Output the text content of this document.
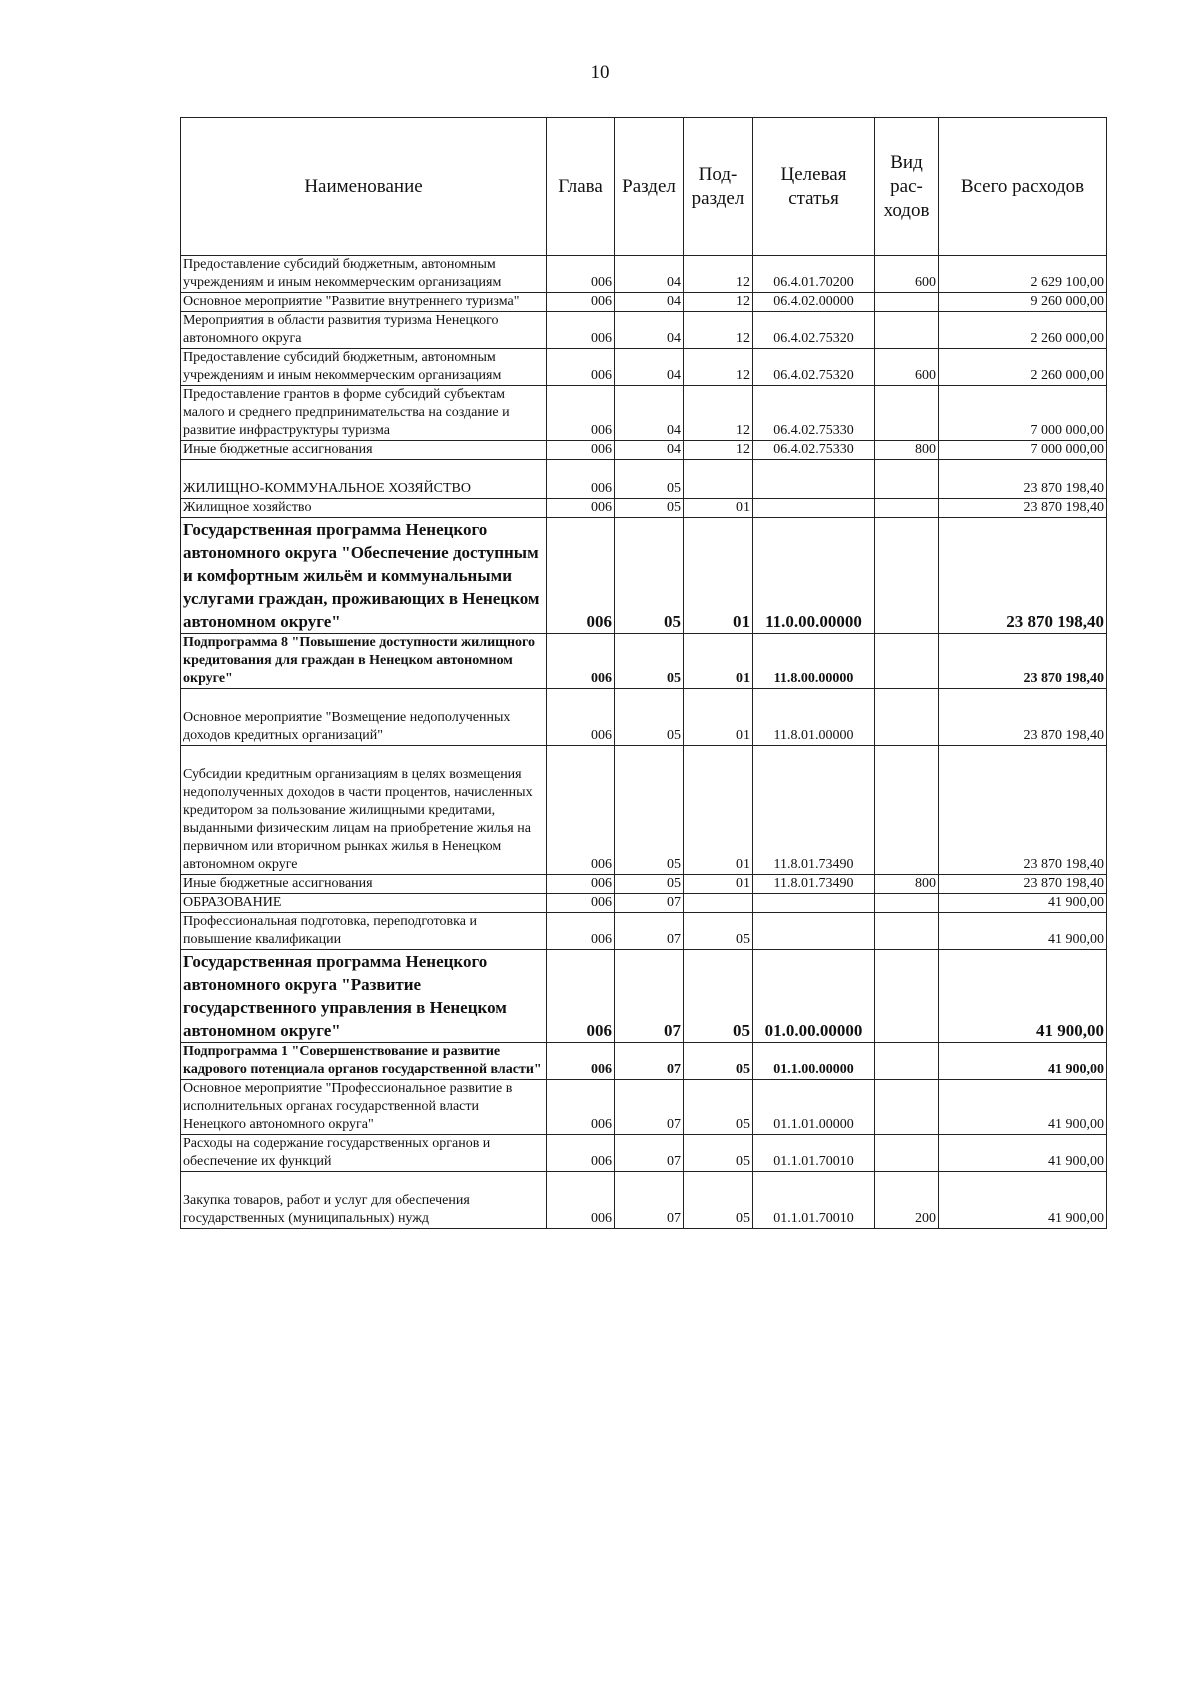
10
Наименование	Глава	Раздел	Под-раздел	Целевая статья	Вид рас-ходов	Всего расходов
Предоставление субсидий бюджетным, автономным учреждениям и иным некоммерческим организациям	006	04	12	06.4.01.70200	600	2 629 100,00
Основное мероприятие "Развитие внутреннего туризма"	006	04	12	06.4.02.00000		9 260 000,00
Мероприятия в области развития туризма Ненецкого автономного округа	006	04	12	06.4.02.75320		2 260 000,00
Предоставление субсидий бюджетным, автономным учреждениям и иным некоммерческим организациям	006	04	12	06.4.02.75320	600	2 260 000,00
Предоставление грантов в форме субсидий субъектам малого и среднего предпринимательства на создание и развитие инфраструктуры туризма	006	04	12	06.4.02.75330		7 000 000,00
Иные бюджетные ассигнования	006	04	12	06.4.02.75330	800	7 000 000,00
ЖИЛИЩНО-КОММУНАЛЬНОЕ ХОЗЯЙСТВО	006	05				23 870 198,40
Жилищное хозяйство	006	05	01			23 870 198,40
Государственная программа Ненецкого автономного округа "Обеспечение доступным и комфортным жильём и коммунальными услугами граждан, проживающих в Ненецком автономном округе"	006	05	01	11.0.00.00000		23 870 198,40
Подпрограмма 8 "Повышение доступности жилищного кредитования для граждан в Ненецком автономном округе"	006	05	01	11.8.00.00000		23 870 198,40
Основное мероприятие "Возмещение недополученных доходов кредитных организаций"	006	05	01	11.8.01.00000		23 870 198,40
Субсидии кредитным организациям в целях возмещения недополученных доходов в части процентов, начисленных кредитором за пользование жилищными кредитами, выданными физическим лицам на приобретение жилья на первичном или вторичном рынках жилья в Ненецком автономном округе	006	05	01	11.8.01.73490		23 870 198,40
Иные бюджетные ассигнования	006	05	01	11.8.01.73490	800	23 870 198,40
ОБРАЗОВАНИЕ	006	07				41 900,00
Профессиональная подготовка, переподготовка и повышение квалификации	006	07	05			41 900,00
Государственная программа Ненецкого автономного округа "Развитие государственного управления в Ненецком автономном округе"	006	07	05	01.0.00.00000		41 900,00
Подпрограмма 1 "Совершенствование и развитие кадрового потенциала органов государственной власти"	006	07	05	01.1.00.00000		41 900,00
Основное мероприятие "Профессиональное развитие в исполнительных органах государственной власти Ненецкого автономного округа"	006	07	05	01.1.01.00000		41 900,00
Расходы на содержание государственных органов и обеспечение их функций	006	07	05	01.1.01.70010		41 900,00
Закупка товаров, работ и услуг для обеспечения государственных (муниципальных) нужд	006	07	05	01.1.01.70010	200	41 900,00
